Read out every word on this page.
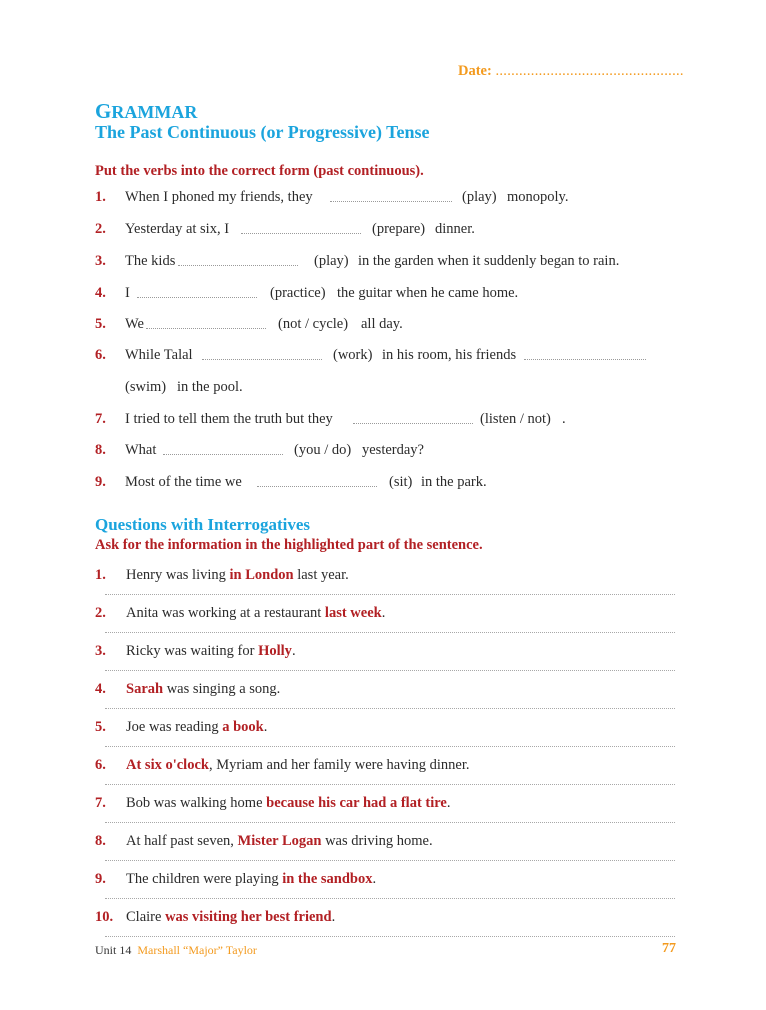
Date: ................................................
GRAMMAR
The Past Continuous (or Progressive) Tense
Put the verbs into the correct form (past continuous).
1.	When I phoned my friends, they	(play) monopoly.
2.	Yesterday at six, I	(prepare) dinner.
3.	The kids	(play) in the garden when it suddenly began to rain.
4.	I	(practice) the guitar when he came home.
5.	We	(not / cycle) all day.
6.	While Talal	(work) in his room, his friends
(swim) in the pool.
7.	I tried to tell them the truth but they	(listen / not) .
8.	What	(you / do) yesterday?
9.	Most of the time we	(sit) in the park.
Questions with Interrogatives
Ask for the information in the highlighted part of the sentence.
1.	Henry was living in London last year.
2.	Anita was working at a restaurant last week.
3.	Ricky was waiting for Holly.
4.	Sarah was singing a song.
5.	Joe was reading a book.
6.	At six o'clock, Myriam and her family were having dinner.
7.	Bob was walking home because his car had a flat tire.
8.	At half past seven, Mister Logan was driving home.
9.	The children were playing in the sandbox.
10. Claire was visiting her best friend.
Unit 14 Marshall “Major” Taylor	77
